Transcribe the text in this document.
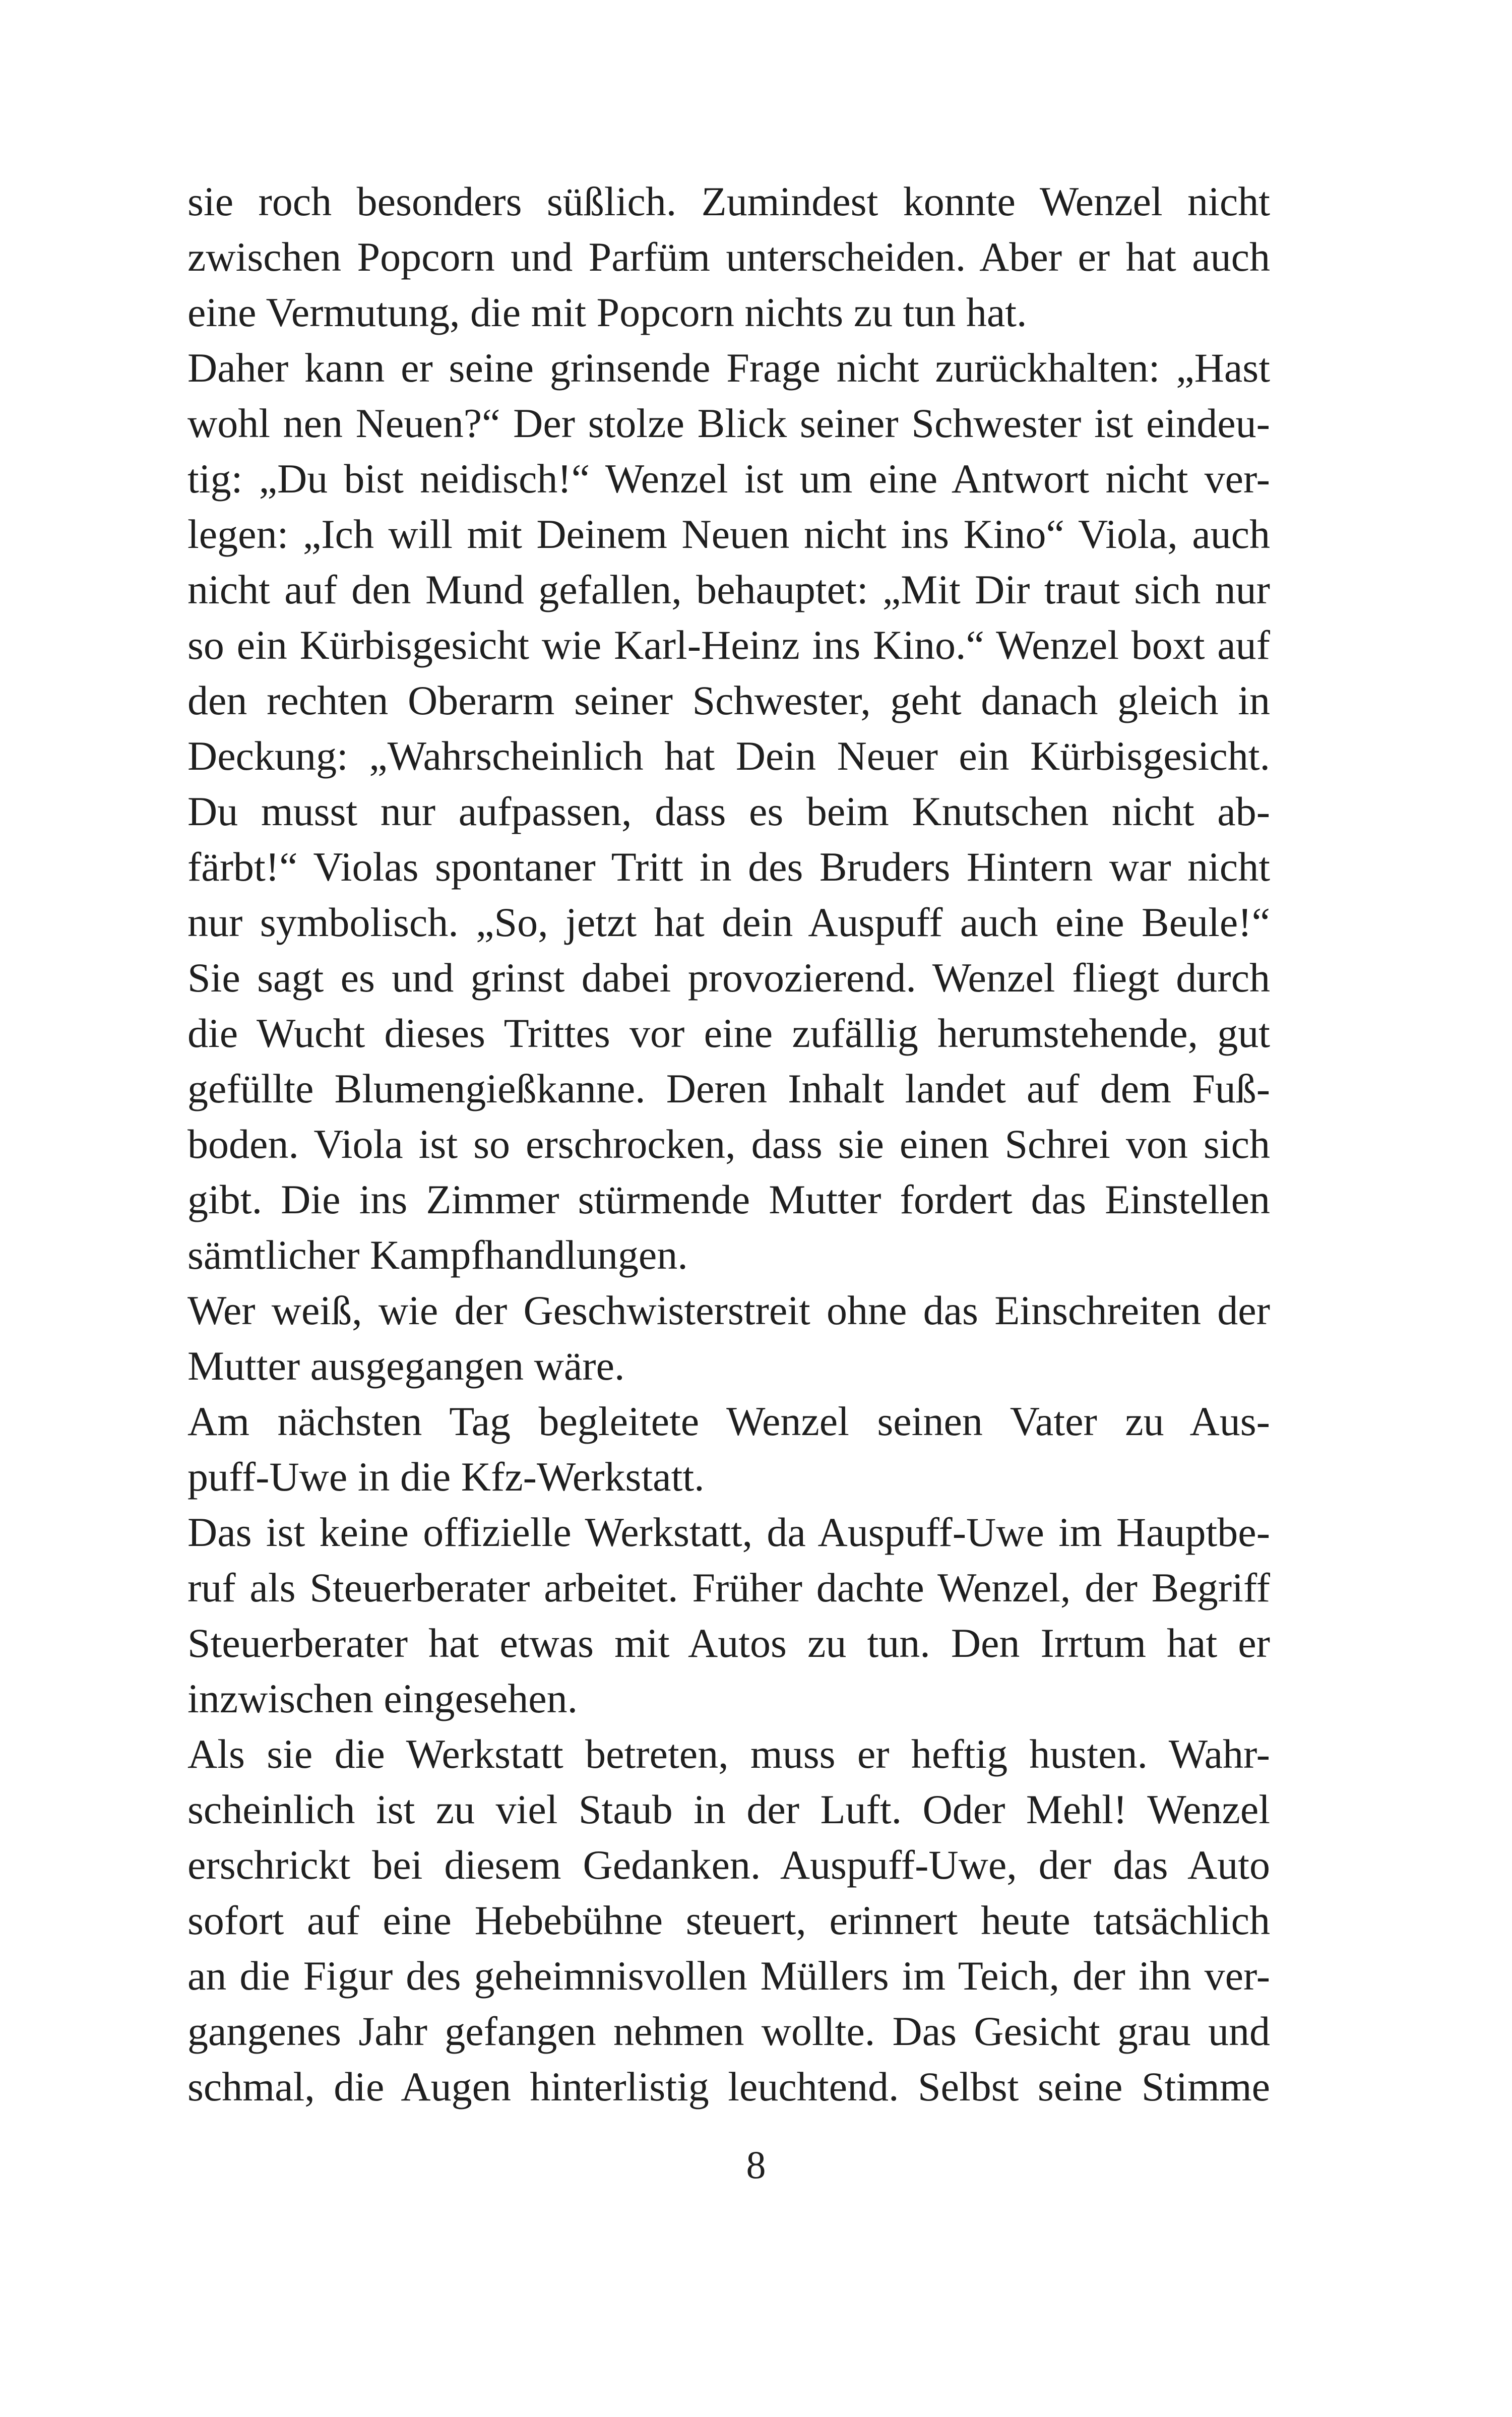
sie roch besonders süßlich. Zumindest konnte Wenzel nicht
zwischen Popcorn und Parfüm unterscheiden. Aber er hat auch
eine Vermutung, die mit Popcorn nichts zu tun hat.
Daher kann er seine grinsende Frage nicht zurückhalten: „Hast
wohl nen Neuen?“ Der stolze Blick seiner Schwester ist eindeu-
tig: „Du bist neidisch!“ Wenzel ist um eine Antwort nicht ver-
legen: „Ich will mit Deinem Neuen nicht ins Kino“ Viola, auch
nicht auf den Mund gefallen, behauptet: „Mit Dir traut sich nur
so ein Kürbisgesicht wie Karl-Heinz ins Kino.“ Wenzel boxt auf
den rechten Oberarm seiner Schwester, geht danach gleich in
Deckung: „Wahrscheinlich hat Dein Neuer ein Kürbisgesicht.
Du musst nur aufpassen, dass es beim Knutschen nicht ab-
färbt!“ Violas spontaner Tritt in des Bruders Hintern war nicht
nur symbolisch. „So, jetzt hat dein Auspuff auch eine Beule!“
Sie sagt es und grinst dabei provozierend. Wenzel fliegt durch
die Wucht dieses Trittes vor eine zufällig herumstehende, gut
gefüllte Blumengießkanne. Deren Inhalt landet auf dem Fuß-
boden. Viola ist so erschrocken, dass sie einen Schrei von sich
gibt. Die ins Zimmer stürmende Mutter fordert das Einstellen
sämtlicher Kampfhandlungen.
Wer weiß, wie der Geschwisterstreit ohne das Einschreiten der
Mutter ausgegangen wäre.
Am nächsten Tag begleitete Wenzel seinen Vater zu Aus-
puff-Uwe in die Kfz-Werkstatt.
Das ist keine offizielle Werkstatt, da Auspuff-Uwe im Hauptbe-
ruf als Steuerberater arbeitet. Früher dachte Wenzel, der Begriff
Steuerberater hat etwas mit Autos zu tun. Den Irrtum hat er
inzwischen eingesehen.
Als sie die Werkstatt betreten, muss er heftig husten. Wahr-
scheinlich ist zu viel Staub in der Luft. Oder Mehl! Wenzel
erschrickt bei diesem Gedanken. Auspuff-Uwe, der das Auto
sofort auf eine Hebebühne steuert, erinnert heute tatsächlich
an die Figur des geheimnisvollen Müllers im Teich, der ihn ver-
gangenes Jahr gefangen nehmen wollte. Das Gesicht grau und
schmal, die Augen hinterlistig leuchtend. Selbst seine Stimme
8
